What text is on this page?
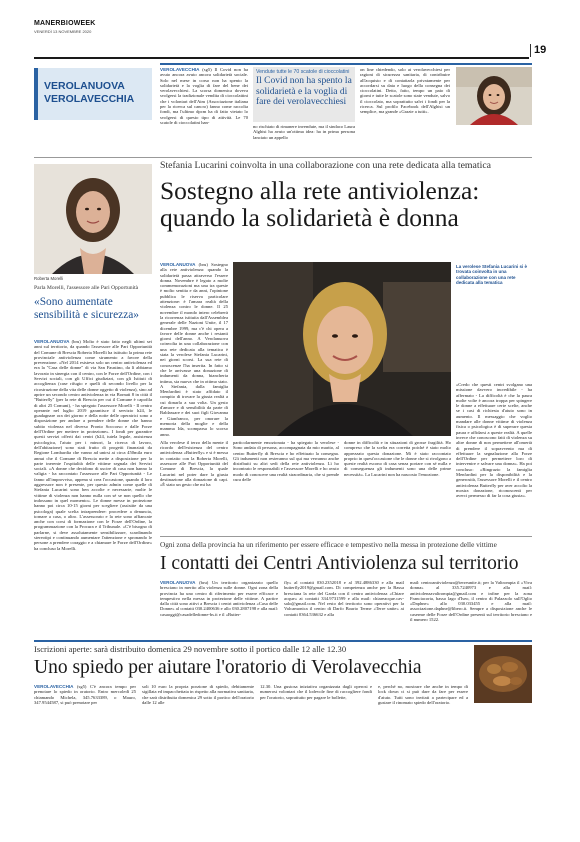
MANERBIOWEEK
VENERDÌ 13 NOVEMBRE 2020
19
VEROLANUOVA
VEROLAVECCHIA
VEROLAVECCHIA (sg5) Il Covid non ha avuto ancora avuto ancora solidarietà sociale. Solo nel mese in corso non ha spento la solidarietà e la voglia di fare del bene dei verolavecchiesi. La scorsa domenica doveva svolgersi la tradizionale vendita di cioccolattini che i volontari dell'Aim (Associazione italiana per la ricerca sul cancro) fanno come raccolta fondi, ma l'ultimo dpcm ha di fatto vietato lo svolgersi di questo tipo di attività. Le 70 scatole di cioccolatini han-
Vendute tutte le 70 scatole di cioccolatini
Il Covid non ha spento la solidarietà e la voglia di fare dei verolavecchiesi
no rischiato di rimanere invendute, ma il sindaco Laura Alghisi ha avuto un'ottima idea: ha in prima persona lanciato un appello
on line chiedendo, solo ai verolavecchiesi per ragioni di sicurezza sanitaria, di contribuire all'acquisto e di contattarla privatamente per accordarsi su data e luogo della consegna dei cioccolatini. Detto, fatto, tempo un paio di giorni e tutte le scatole sono state vendute, salvo il cioccolato, ma soprattutto salvi i fondi per la ricerca. Sul profilo Facebook dell'Alghisi un semplice, ma grande «Grazie a tutti».
Stefania Lucarini coinvolta in una collaborazione con una rete dedicata alla tematica
Sostegno alla rete antiviolenza: quando la solidarietà è donna
Roberta Morelli
Parla Morelli, l'assessore alle Pari Opportunità
«Sono aumentate sensibilità e sicurezza»
VEROLANUOVA (bru) Molto è stato fatto negli ultimi sei anni sul territorio, da quando l'assessore alle Pari Opportunità del Comune di Brescia Roberta Morelli ha istituito la prima rete provinciale antiviolenza come strumento a favore della prevenzione. «Nel 2014 esisteva solo un centro antiviolenza ed era la "Casa delle donne" di via San Faustino, da lì abbiamo lavorato in sinergia con il centro, con le Forze dell'Ordine, con i Servizi sociali, con gli Uffici giudiziari, con gli Istituti di accoglienza (case rifugio e quelli di secondo livello per la ricostruzione della vita delle donne oggetto di violenza), sino ad aprire un secondo centro antiviolenza in via Bornati 8 in città il "Butterfly" (per la rete di Brescia per cui il Comune è capofila di altri 25 Comuni), - ha spiegato l'assessore Morelli - Il centro operante nel luglio 2019 garantisce il servizio h24, le guadagnare ora dei giorno e della notte delle operatrici sono a disposizione per andare a prendere delle donne che hanno subito violenza nel diverso Pronto Soccorso e dalle Forze dell'Ordine per mettere in protezione». I fondi per garantire questi servizi offerti dai centri (h24, tutela legale, assistenza psicologica, l'aiuto per i minori, la ricerca di lavoro, dell'abitazione) sono stati frutto di progetti finanziati da Regione Lombardia che vanno ad unirsi ai circa 450mila euro annui che il Comune di Brescia mette a disposizione per la parte inerente l'ospitalità delle vittime segnala dei Servizi sociali. «A donne che decidono di uscire di casa non hanno la valigia - ha raccontato l'assessore alle Pari Opportunità - Le fanno all'improvviso, appena si crea l'occasione, quando il loro aggressore non è presente, per questo admin come quelle di Stefania Lucarini sono ben accolte e necessarie, molte le vittime di violenza non hanno nulla con sé se non quello che indossano in quel momento». Le donne messe in protezione hanno poi circa 10-15 giorni per scegliere (assistite da una psicologa) quale scelta intraprendere: procedere a denuncia, tornare a casa, o altro. L'assessorato e la rete sono affiancate anche con corsi di formazione con le Forze dell'Ordine, la programmazione con la Procura e il Tribunale. «C'è bisogno di parlarne, si deve assolutamente sensibilizzare, scardinando stereotipi e continuando aumentare l'attenzione e spronando le persone a prendere coraggio e a chiamare le Forze dell'Ordine» ha concluso la Morelli.
VEROLANUOVA (bru) Sostegno alla rete antiviolenza: quando la solidarietà passa attraverso l'essere donna. Novembre è legato a molte commemorazioni ma una tra queste è molto sentita e da anni, l'opinione pubblica le riserva particolare attenzione: è l'amara realtà della violenza contro le donne. Il 25 novembre il mondo intero celebrerà la ricorrenza istituita dall'Assemblea generale delle Nazioni Unite, il 17 dicembre 1999, ma c'è chi opera a favore delle donne anche i restanti giorni dell'anno. A Verolanuova coinvolta in una collaborazione con una rete dedicata alla tematica è stata la verolese Stefania Lucarini, nei giorni scorsi. La sua rete di conoscenze l'ha inserita. In fatto si che le arrivasse una donazione di indumenti da donna, biancheria intima, sia nuova che in ottimo stato. A Stefania, dalla famiglia Menfardini è stato affidato il compito di trovare la giusta realtà a cui donarla a sua volta. Un gesto d'amore e di sensibilità da parte di Baldassare e dei suoi figli Giovanna e Gianfranco, per onorare la memoria della moglie e della mamma Ida, scomparsa lo scorso anno.
Alla verolese il terzo della mente il ricordo dell'esistenza del centro antiviolenza «Butterfly» e si è messa in contatto con la Roberta Morelli, assessore alle Pari Opportunità del Comune di Brescia, la quale Lucarini nel poter dare la giusta destinazione alla donazione di capi. «È stato un gesto che mi ha
particolarmente emozionata - ha spiegato la verolese - Sono andata di persona, accompagnata da mio marito, al centro Butterfly di Brescia e ho effettuato la consegna. Gli indumenti non resteranno sul qui ma verranno anche distribuiti su altri sedi della rete antiviolenza. Lì ho incontrato le responsabili e l'assessore Morelli e ho avuto modo di conoscere una realtà straordinaria, che si prende cura delle
donne in difficoltà e in situazioni di grosse fragilità. Ho compreso che la scelta era corretta poiché è stato molto apprezzato questa donazione. Mi è stato raccontato proprio in quest'occasione che le donne che si rivolgono a queste realtà escono di casa senza portare con sé nulla e di conseguenza gli indumenti sono una delle prime necessità». La Lucarini non ha nascosto l'emozione.
La verolese Stefania Lucarini si è trovata coinvolta in una collaborazione con una rete dedicata alla tematica
«Credo che questi centri svolgano una missione davvero incredibile - ha affermato - La difficoltà è che la paura molte volte è ancora troppa per spingere le donne a effettuare certe scelte, anche se i casi di richiesta d'aiuto sono in aumento. Il messaggio che voglio mandare alle donne vittime di violenza fisica o psicologica è di superare questa paura e affidarsi a queste realtà. A quelle invece che conoscono fatti di violenza su altre donne di non permettere all'omertà di prendere il sopravvento ma di effettuare la segnalazione alla Forze dell'Ordine per permettere loro di intervenire e salvare una donna». Ha poi concluso: «Ringrazio la famiglia Menfardini per la disponibilità e la generosità, l'assessore Morelli e il centro antiviolenza Butterfly per aver accolto la mostra donazione, riconoscenti per averci permesso di far la cosa giusta».
Ogni zona della provincia ha un riferimento per essere efficace e tempestivo nella messa in protezione delle vittime
I contatti dei Centri Antiviolenza sul territorio
VEROLANUOVA (bru) Un territorio organizzato quello bresciano in merito alla violenza sulle donne. Ogni zona della provincia ha uno centro di riferimento per essere efficace e tempestivo nella messa in protezione delle vittime. A partire dalla città sono attivi a Brescia i centri antiviolenza «Casa delle Donne» al contatti 030.2400636 e allo 030.2807198 e alla mail: casaoggi@casadelledonne-bs.it e il «Butter-
fly» al contatti 030.2352018 e al 392.4886330 e alla mail butterfly2019@gmail.com. Di competenza anche per la Bassa bresciana la rete del Garda con il centro antiviolenza «Chiare acque» ai contatti 334.9731599 e alla mail: chiareacque.cav-salo@gmail.com. Nel resto del territorio sono operativi per la Valcamonica il centro di Darfo Boario Terme «Terre unite» ai contatti 0364.536632 e alla
mail: centroantiviolenza@terreunite.it; per la Valtrompia il «Viva donna» al 335.7240973 e alla mail: antiviolenzavaltrompia@gmail.com e infine per la zona Franciacorta, basso lago d'Iseo, il centro di Palazzolo sull'Oglio «Daphne» allo 030.033455 e alla mail: associazione.daphne@libero.it. Sempre a disposizione anche le caserme delle Forze dell'Ordine presenti sul territorio bresciano e il numero 1522.
Iscrizioni aperte: sarà distribuito domenica 29 novembre sotto il portico dalle 12 alle 12.30
Uno spiedo per aiutare l'oratorio di Verolavecchia
VEROLAVECCHIA (sg5) C'è ancora tempo per prenotare lo spiedo in oratorio. Entro mercoledì 25 chiamando Michela, 345.7633389, o Mauro, 347.9544587, si può prenotare per
soli 10 euro la propria porzione di spiedo, debitamente sigillata ed impacchettata in rispetto alla normativa sanitaria, che sarà distribuita domenica 29 sotto il portico dell'oratorio dalle 12 alle
12.30. Una gustosa iniziativa organizzata dagli operosi e numerosi volontari che il lodevole fine di raccogliere fondi per l'oratorio, soprattutto per pagare le bollette,
e, perché no, mostrare che anche in tempo di lock down ci si può dare da fare per essere d'aiuto. Tutti sono invitati a partecipare ed a gustare il rinomato spiedo dell'oratorio.
